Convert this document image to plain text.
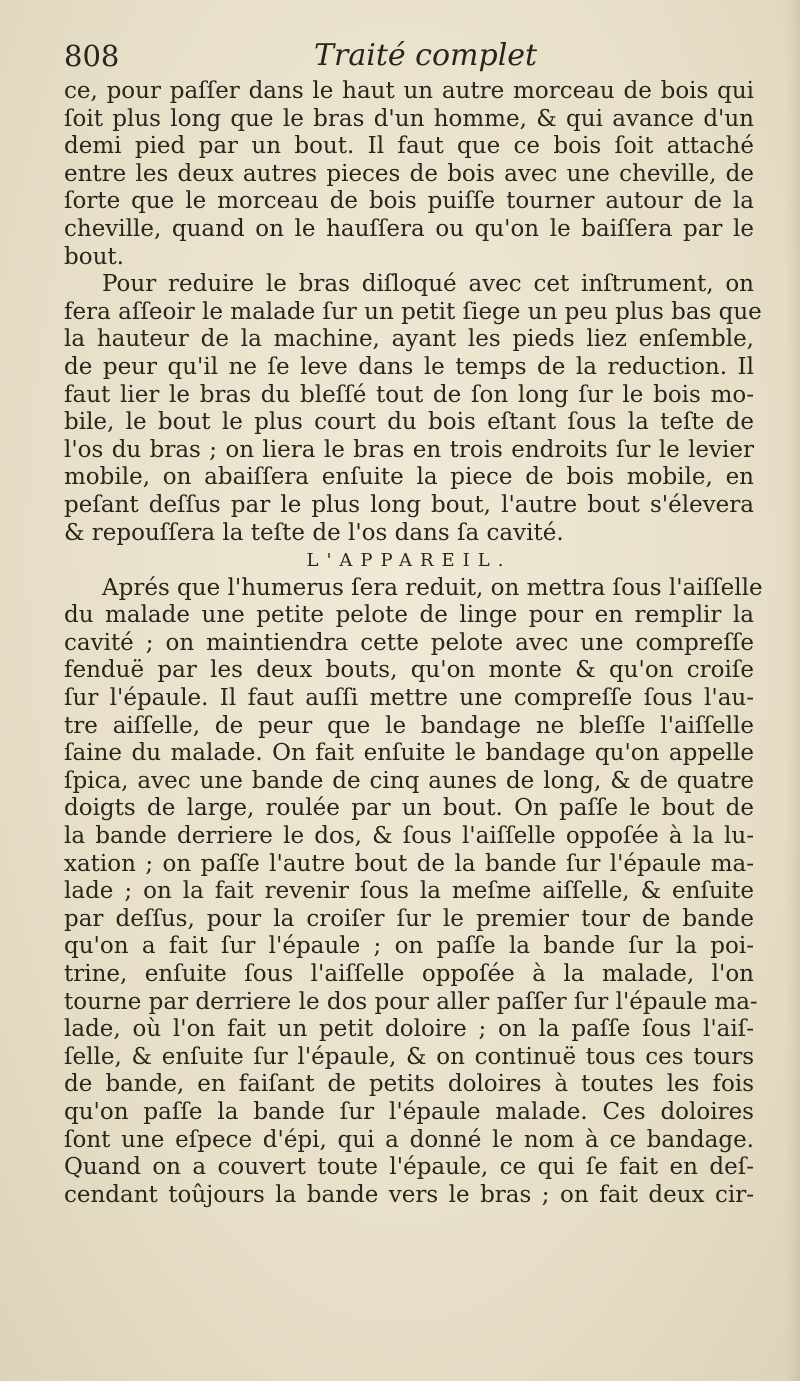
808	Traité complet
ce, pour paſſer dans le haut un autre morceau de bois qui
ſoit plus long que le bras d'un homme, & qui avance d'un
demi pied par un bout. Il faut que ce bois ſoit attaché
entre les deux autres pieces de bois avec une cheville, de
ſorte que le morceau de bois puiſſe tourner autour de la
cheville, quand on le hauſſera ou qu'on le baiſſera par le
bout.
Pour reduire le bras diſloqué avec cet inſtrument, on
fera aſſeoir le malade ſur un petit ſiege un peu plus bas que
la hauteur de la machine, ayant les pieds liez enſemble,
de peur qu'il ne ſe leve dans le temps de la reduction. Il
faut lier le bras du bleſſé tout de ſon long ſur le bois mo-
bile, le bout le plus court du bois eſtant ſous la teſte de
l'os du bras ; on liera le bras en trois endroits ſur le levier
mobile, on abaiſſera enſuite la piece de bois mobile, en
peſant deſſus par le plus long bout, l'autre bout s'élevera
& repouſſera la teſte de l'os dans ſa cavité.
L'APPAREIL.
Aprés que l'humerus ſera reduit, on mettra ſous l'aiſſelle
du malade une petite pelote de linge pour en remplir la
cavité ; on maintiendra cette pelote avec une compreſſe
fenduë par les deux bouts, qu'on monte & qu'on croiſe
ſur l'épaule. Il faut auſſi mettre une compreſſe ſous l'au-
tre aiſſelle, de peur que le bandage ne bleſſe l'aiſſelle
ſaine du malade. On fait enſuite le bandage qu'on appelle
ſpica, avec une bande de cinq aunes de long, & de quatre
doigts de large, roulée par un bout. On paſſe le bout de
la bande derriere le dos, & ſous l'aiſſelle oppoſée à la lu-
xation ; on paſſe l'autre bout de la bande ſur l'épaule ma-
lade ; on la fait revenir ſous la meſme aiſſelle, & enſuite
par deſſus, pour la croiſer ſur le premier tour de bande
qu'on a fait ſur l'épaule ; on paſſe la bande ſur la poi-
trine, enſuite ſous l'aiſſelle oppoſée à la malade, l'on
tourne par derriere le dos pour aller paſſer ſur l'épaule ma-
lade, où l'on fait un petit doloire ; on la paſſe ſous l'aiſ-
ſelle, & enſuite ſur l'épaule, & on continuë tous ces tours
de bande, en faiſant de petits doloires à toutes les fois
qu'on paſſe la bande ſur l'épaule malade. Ces doloires
ſont une eſpece d'épi, qui a donné le nom à ce bandage.
Quand on a couvert toute l'épaule, ce qui ſe fait en deſ-
cendant toûjours la bande vers le bras ; on fait deux cir-
